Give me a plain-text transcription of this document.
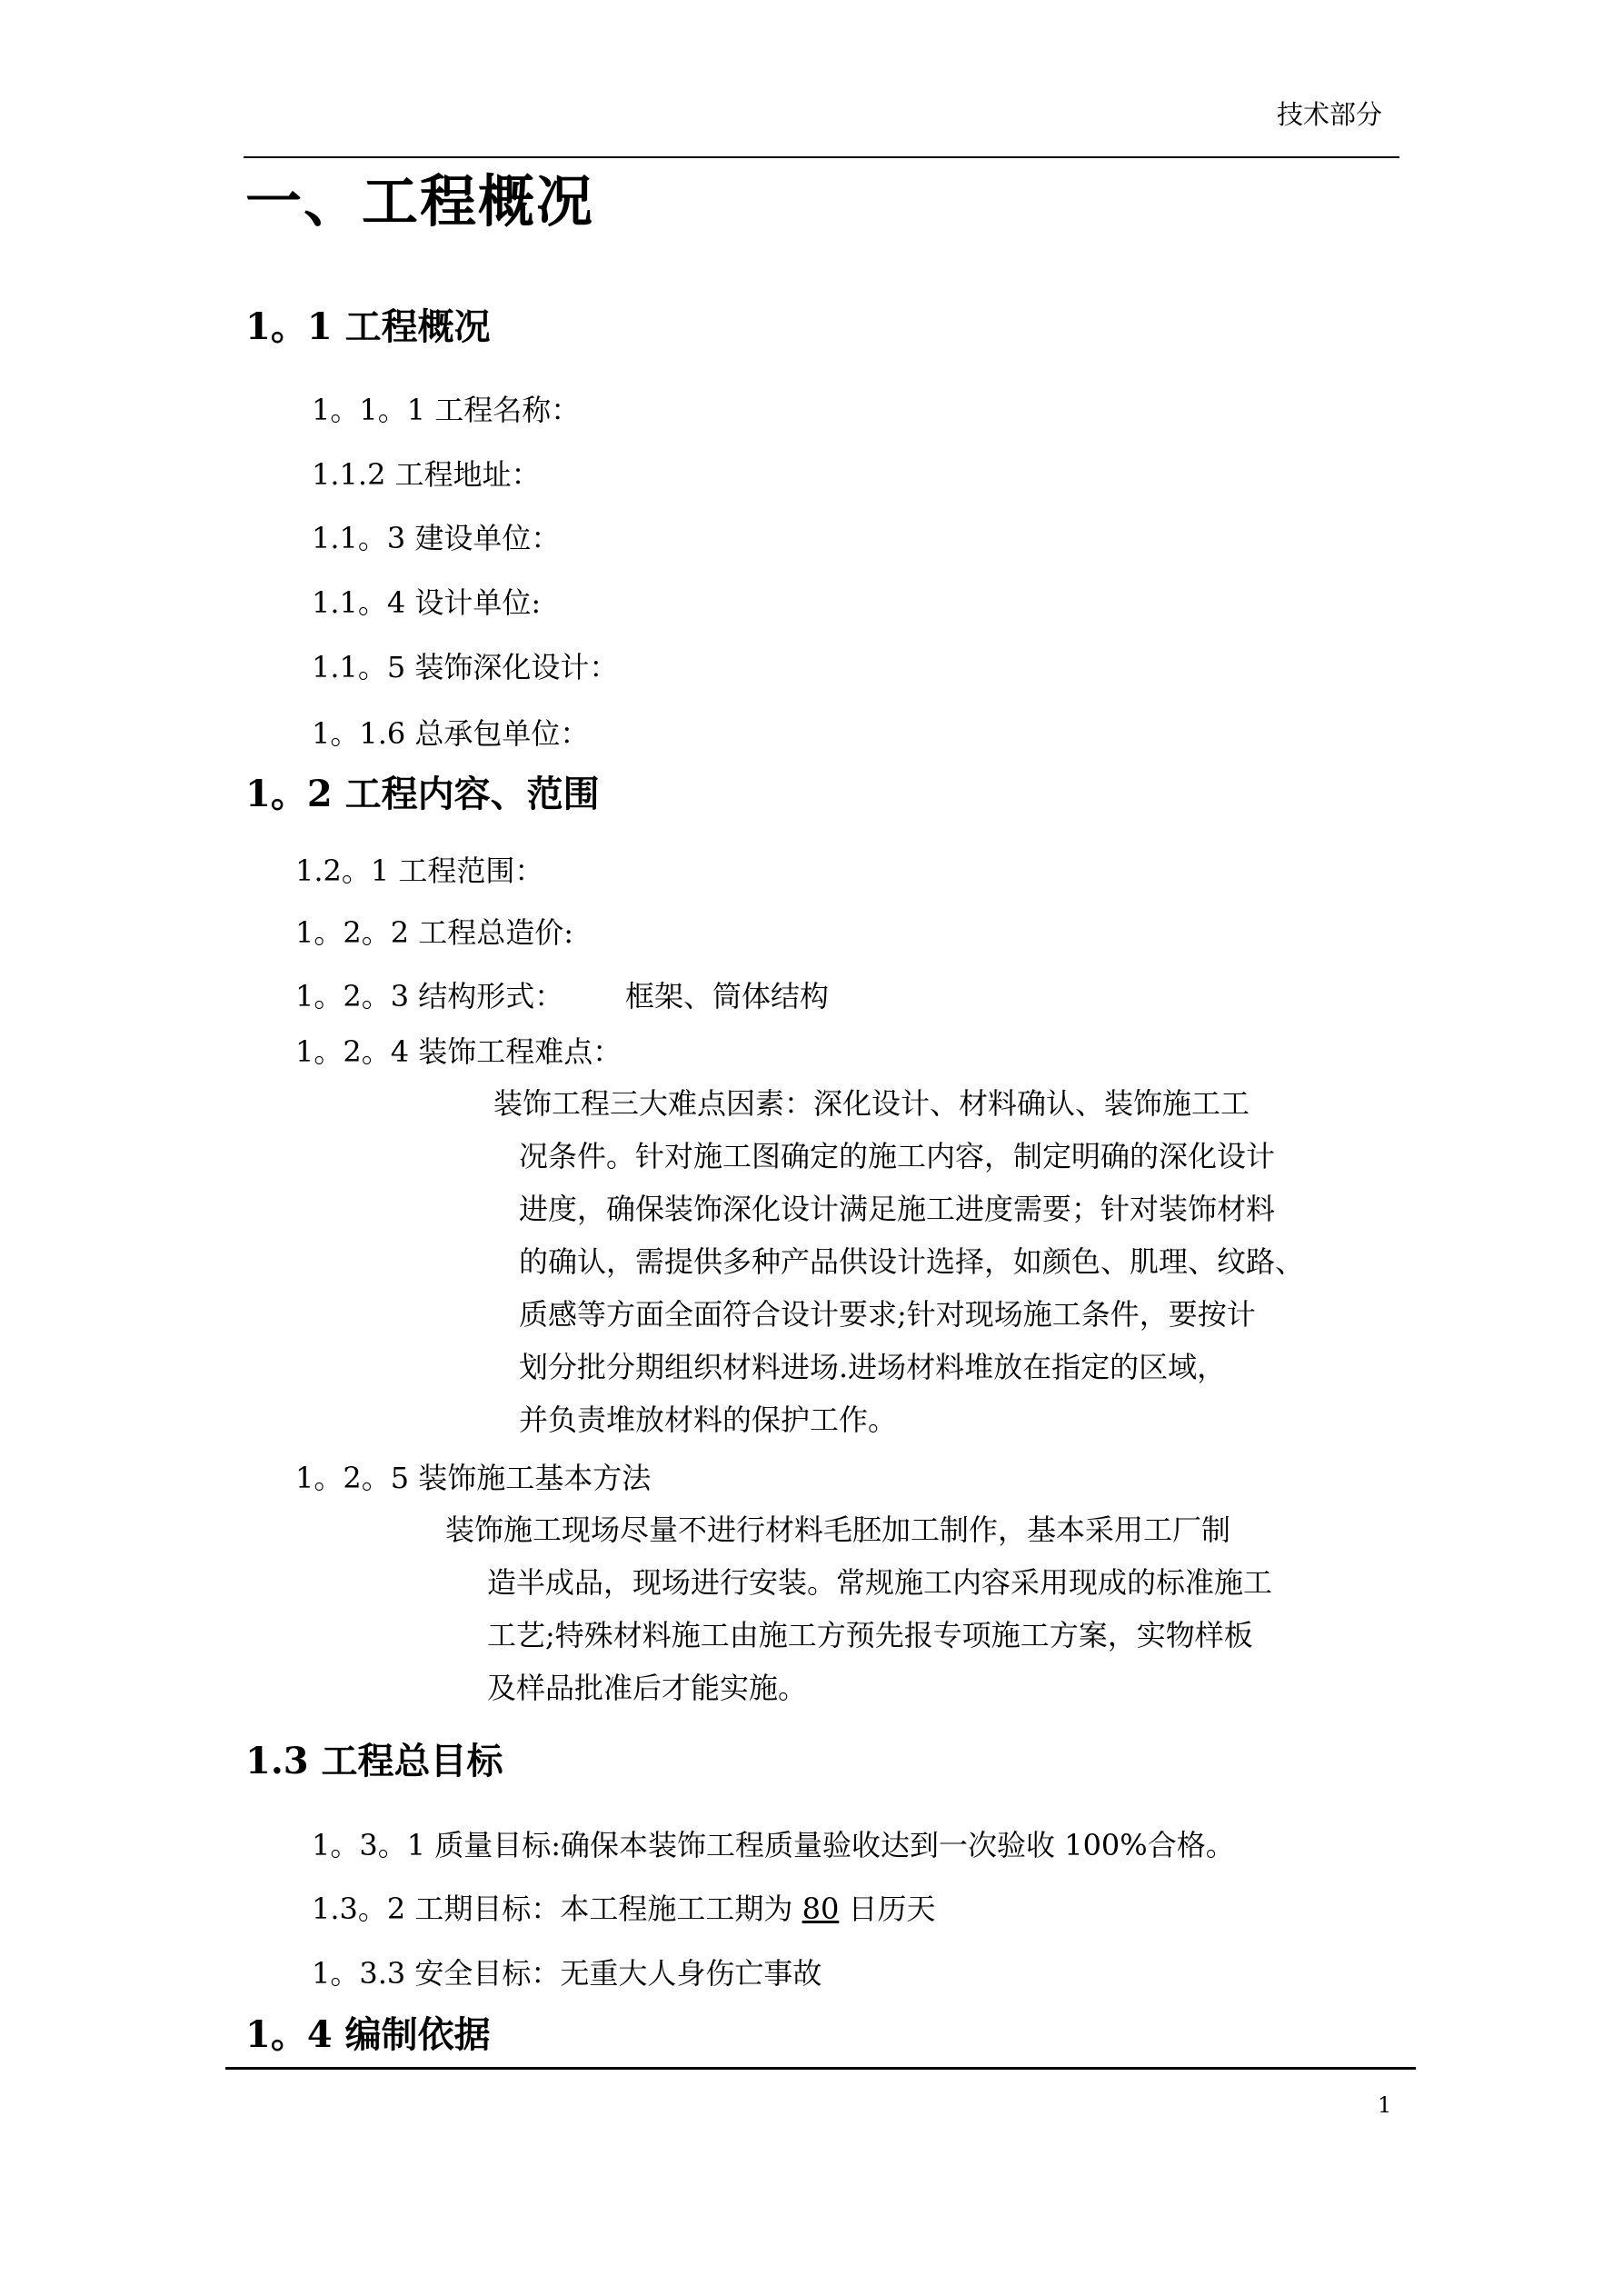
技术部分
一、工程概况
1。1 工程概况
1。1。1 工程名称：
1.1.2 工程地址：
1.1。3 建设单位：
1.1。4 设计单位:
1.1。5 装饰深化设计：
1。1.6 总承包单位：
1。2 工程内容、范围
1.2。1 工程范围：
1。2。2 工程总造价:
1。2。3 结构形式： 框架、筒体结构
1。2。4 装饰工程难点：
装饰工程三大难点因素：深化设计、材料确认、装饰施工工
况条件。针对施工图确定的施工内容，制定明确的深化设计
进度，确保装饰深化设计满足施工进度需要；针对装饰材料
的确认，需提供多种产品供设计选择，如颜色、肌理、纹路、
质感等方面全面符合设计要求;针对现场施工条件，要按计
划分批分期组织材料进场.进场材料堆放在指定的区域，
并负责堆放材料的保护工作。
1。2。5 装饰施工基本方法
装饰施工现场尽量不进行材料毛胚加工制作，基本采用工厂制
造半成品，现场进行安装。常规施工内容采用现成的标准施工
工艺;特殊材料施工由施工方预先报专项施工方案，实物样板
及样品批准后才能实施。
1.3 工程总目标
1。3。1 质量目标:确保本装饰工程质量验收达到一次验收 100%合格。
1.3。2 工期目标：本工程施工工期为 80 日历天
1。3.3 安全目标：无重大人身伤亡事故
1。4 编制依据
1
